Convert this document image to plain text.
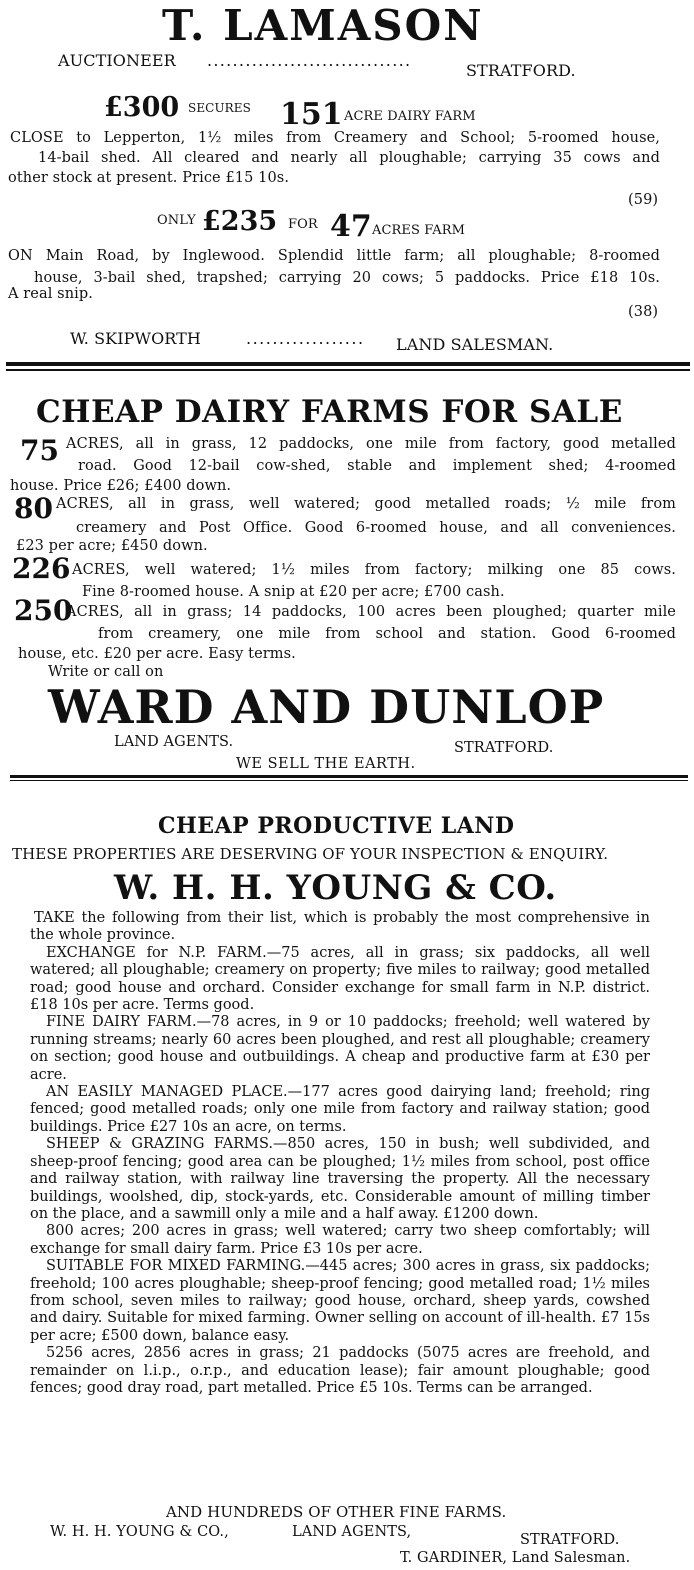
T. LAMASON
AUCTIONEER ................................
STRATFORD.
£300 SECURES 151 ACRE DAIRY FARM
CLOSE to Lepperton, 1½ miles from Creamery and School; 5-roomed house,
14-bail shed. All cleared and nearly all ploughable; carrying 35 cows and
other stock at present. Price £15 10s.
(59)
ONLY £235 FOR 47 ACRES FARM
ON Main Road, by Inglewood. Splendid little farm; all ploughable; 8-roomed
house, 3-bail shed, trapshed; carrying 20 cows; 5 paddocks. Price £18 10s.
A real snip.
(38)
W. SKIPWORTH	.................. LAND SALESMAN.
CHEAP DAIRY FARMS FOR SALE
75 ACRES, all in grass, 12 paddocks, one mile from factory, good metalled
road. Good 12-bail cow-shed, stable and implement shed; 4-roomed
house. Price £26; £400 down.
80 ACRES, all in grass, well watered; good metalled roads; ½ mile from
creamery and Post Office. Good 6-roomed house, and all conveniences.
£23 per acre; £450 down.
226 ACRES, well watered; 1½ miles from factory; milking one 85 cows.
Fine 8-roomed house. A snip at £20 per acre; £700 cash.
250
ACRES, all in grass; 14 paddocks, 100 acres been ploughed; quarter mile
from creamery, one mile from school and station. Good 6-roomed
house, etc. £20 per acre. Easy terms.
Write or call on
WARD AND DUNLOP
LAND AGENTS.	STRATFORD.
WE SELL THE EARTH.
CHEAP PRODUCTIVE LAND
THESE PROPERTIES ARE DESERVING OF YOUR INSPECTION & ENQUIRY.
W. H. H. YOUNG & CO.

TAKE the following from their list, which is probably the most comprehensive in the whole province.

EXCHANGE for N.P. FARM.—75 acres, all in grass; six paddocks, all well watered; all ploughable; creamery on property; five miles to railway; good metalled road; good house and orchard. Consider exchange for small farm in N.P. district. £18 10s per acre. Terms good.

FINE DAIRY FARM.—78 acres, in 9 or 10 paddocks; freehold; well watered by running streams; nearly 60 acres been ploughed, and rest all ploughable; creamery on section; good house and outbuildings. A cheap and productive farm at £30 per acre.

AN EASILY MANAGED PLACE.—177 acres good dairying land; freehold; ring fenced; good metalled roads; only one mile from factory and railway station; good buildings. Price £27 10s an acre, on terms.

SHEEP & GRAZING FARMS.—850 acres, 150 in bush; well subdivided, and sheep-proof fencing; good area can be ploughed; 1½ miles from school, post office and railway station, with railway line traversing the property. All the necessary buildings, woolshed, dip, stock-yards, etc. Considerable amount of milling timber on the place, and a sawmill only a mile and a half away. £1200 down.

800 acres; 200 acres in grass; well watered; carry two sheep comfortably; will exchange for small dairy farm. Price £3 10s per acre.

SUITABLE FOR MIXED FARMING.—445 acres; 300 acres in grass, six paddocks; freehold; 100 acres ploughable; sheep-proof fencing; good metalled road; 1½ miles from school, seven miles to railway; good house, orchard, sheep yards, cowshed and dairy. Suitable for mixed farming. Owner selling on account of ill-health. £7 15s per acre; £500 down, balance easy.

5256 acres, 2856 acres in grass; 21 paddocks (5075 acres are freehold, and remainder on l.i.p., o.r.p., and education lease); fair amount ploughable; good fences; good dray road, part metalled. Price £5 10s. Terms can be arranged.

AND HUNDREDS OF OTHER FINE FARMS.
W. H. H. YOUNG & CO.,	LAND AGENTS,	STRATFORD.
T. GARDINER, Land Salesman.
